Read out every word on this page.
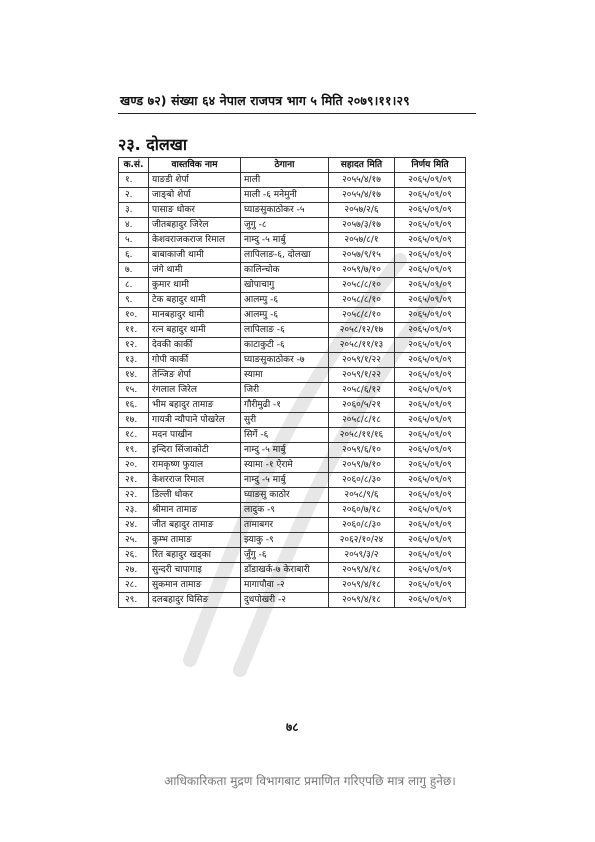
खण्ड ७२) संख्या ६४ नेपाल राजपत्र भाग ५ मिति २०७९।११।२९
२३. दोलखा
क.सं.	वास्तविक नाम	ठेगाना	सहादत मिति	निर्णय मिति
१.	याङडी शेर्पा	माली	२०५५/४/१७	२०६५/०९/०९
२.	जाङ्बो शेर्पा	माली -६ मनेमुनी	२०५५/४/१७	२०६५/०९/०९
३.	पासाङ धोकर	घ्याङसुकाठोकर -५	२०५७/२/६	२०६५/०९/०९
४.	जीतबहादुर जिरेल	जुगु -८	२०५७/३/१७	२०६५/०९/०९
५.	केशवराजकराज रिमाल	नाम्दु -५ मार्बु	२०५७/८/१	२०६५/०९/०९
६.	बाबाकाजी थामी	लापिलाङ-६, दोलखा	२०५७/९/१५	२०६५/०९/०९
७.	जंगे थामी	कालिन्चोक	२०५९/७/१०	२०६५/०९/०९
८.	कुमार थामी	खोपाचागु	२०५८/८/१०	२०६५/०९/०९
९.	टेक बहादुर थामी	आलम्पु -६	२०५८/८/१०	२०६५/०९/०९
१०.	मानबहादुर थामी	आलम्पु -६	२०५८/८/१०	२०६५/०९/०९
११.	रत्न बहादुर थामी	लापिलाङ -६	२०५८/१२/१७	२०६५/०९/०९
१२.	देवकी कार्की	काटाकुटी -६	२०५८/११/१३	२०६५/०९/०९
१३.	गोपी कार्की	घ्याङसुकाठोकर -७	२०५९/१/२२	२०६५/०९/०९
१४.	तेन्जिङ शेर्पा	स्यामा	२०५९/१/२२	२०६५/०९/०९
१५.	रंगलाल जिरेल	जिरी	२०५८/६/१२	२०६५/०९/०९
१६.	भीम बहादुर तामाङ	गौरीमुढी -१	२०६०/५/२१	२०६५/०९/०९
१७.	गायत्री न्यौपाने पोखरेल	सुरी	२०५८/८/१८	२०६५/०९/०९
१८.	मदन पाखीन	सिर्गे -६	२०५८/११/१६	२०६५/०९/०९
१९.	इन्दिरा सिंजाकोटी	नाम्दु -५ मार्बु	२०५९/६/१०	२०६५/०९/०९
२०.	रामकृष्ण फुयाल	स्यामा -१ ऐरामे	२०५९/७/१०	२०६५/०९/०९
२१.	केशरराज रिमाल	नाम्दु -५ मार्बु	२०६०/८/३०	२०६५/०९/०९
२२.	डिल्ली धोकर	घ्याङसु काठोर	२०५८/९/६	२०६५/०९/०९
२३.	श्रीमान तामाङ	लादुक -९	२०६०/७/१८	२०६५/०९/०९
२४.	जीत बहादुर तामाङ	तामाबगर	२०६०/८/३०	२०६५/०९/०९
२५.	कुम्भ तामाङ	झ्याकु -९	२०६२/१०/२४	२०६५/०९/०९
२६.	रित बहादुर खड्का	जुँगु -६	२०५९/३/२	२०६५/०९/०९
२७.	सुन्दरी चापागाइ	डाँडाखर्क-७ केराबारी	२०५९/४/१८	२०६५/०९/०९
२८.	सुकमान तामाङ	मागापौवा -२	२०५९/४/१८	२०६५/०९/०९
२९.	दलबहादुर घिसिङ	दुधपोखरी -२	२०५९/४/१८	२०६५/०९/०९
७८
आधिकारिकता मुद्रण विभागबाट प्रमाणित गरिएपछि मात्र लागु हुनेछ।
